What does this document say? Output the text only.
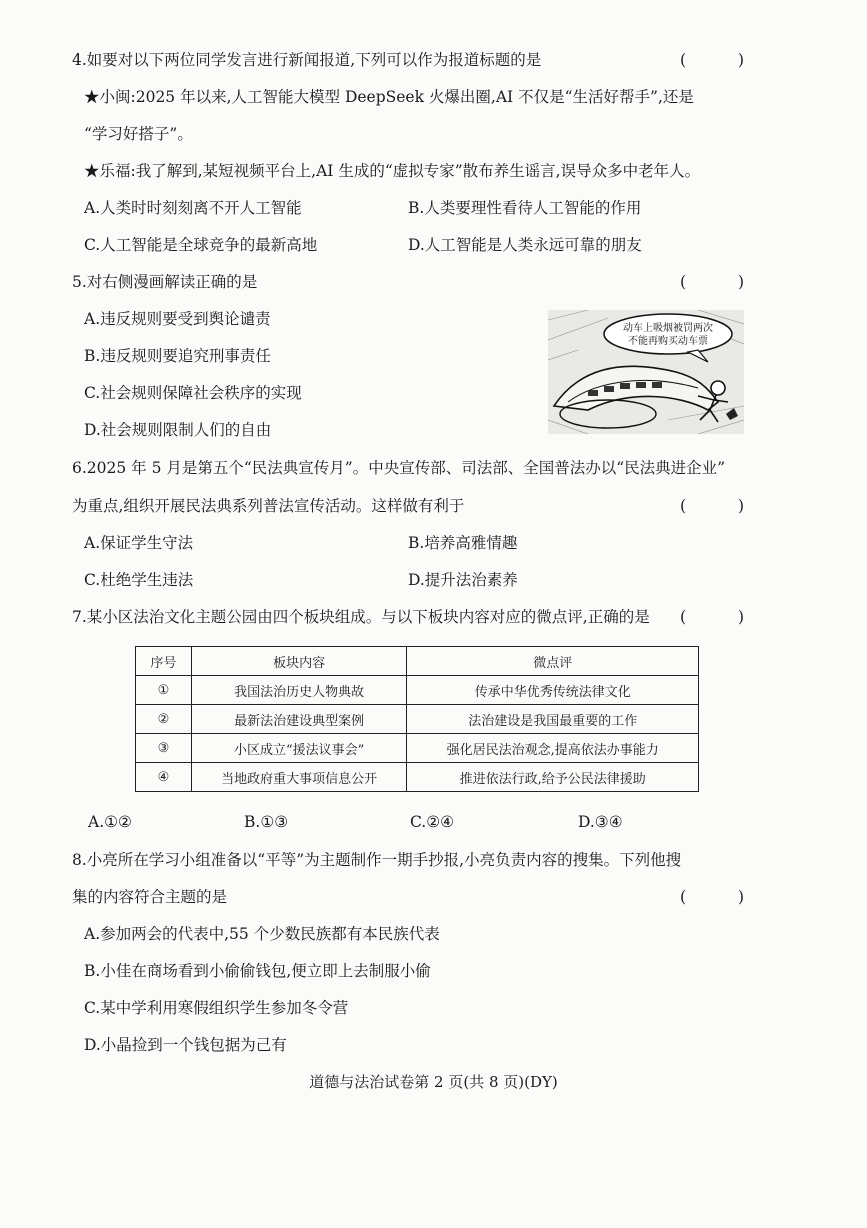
4.如要对以下两位同学发言进行新闻报道,下列可以作为报道标题的是	(	)
★小闽:2025 年以来,人工智能大模型 DeepSeek 火爆出圈,AI 不仅是“生活好帮手”,还是
“学习好搭子”。
★乐福:我了解到,某短视频平台上,AI 生成的“虚拟专家”散布养生谣言,误导众多中老年人。
A.人类时时刻刻离不开人工智能	B.人类要理性看待人工智能的作用
C.人工智能是全球竞争的最新高地	D.人工智能是人类永远可靠的朋友
5.对右侧漫画解读正确的是	(	)
A.违反规则要受到舆论谴责
B.违反规则要追究刑事责任
C.社会规则保障社会秩序的实现
D.社会规则限制人们的自由
动车上吸烟被罚两次
不能再购买动车票
6.2025 年 5 月是第五个“民法典宣传月”。中央宣传部、司法部、全国普法办以“民法典进企业”
为重点,组织开展民法典系列普法宣传活动。这样做有利于	(	)
A.保证学生守法	B.培养高雅情趣
C.杜绝学生违法	D.提升法治素养
7.某小区法治文化主题公园由四个板块组成。与以下板块内容对应的微点评,正确的是 (	)
序号	板块内容	微点评
①	我国法治历史人物典故	传承中华优秀传统法律文化
②	最新法治建设典型案例	法治建设是我国最重要的工作
③	小区成立“援法议事会”	强化居民法治观念,提高依法办事能力
④	当地政府重大事项信息公开	推进依法行政,给予公民法律援助
A.①②	B.①③	C.②④	D.③④
8.小亮所在学习小组准备以“平等”为主题制作一期手抄报,小亮负责内容的搜集。下列他搜
集的内容符合主题的是	(	)
A.参加两会的代表中,55 个少数民族都有本民族代表
B.小佳在商场看到小偷偷钱包,便立即上去制服小偷
C.某中学利用寒假组织学生参加冬令营
D.小晶捡到一个钱包据为己有
道德与法治试卷第 2 页(共 8 页)(DY)
